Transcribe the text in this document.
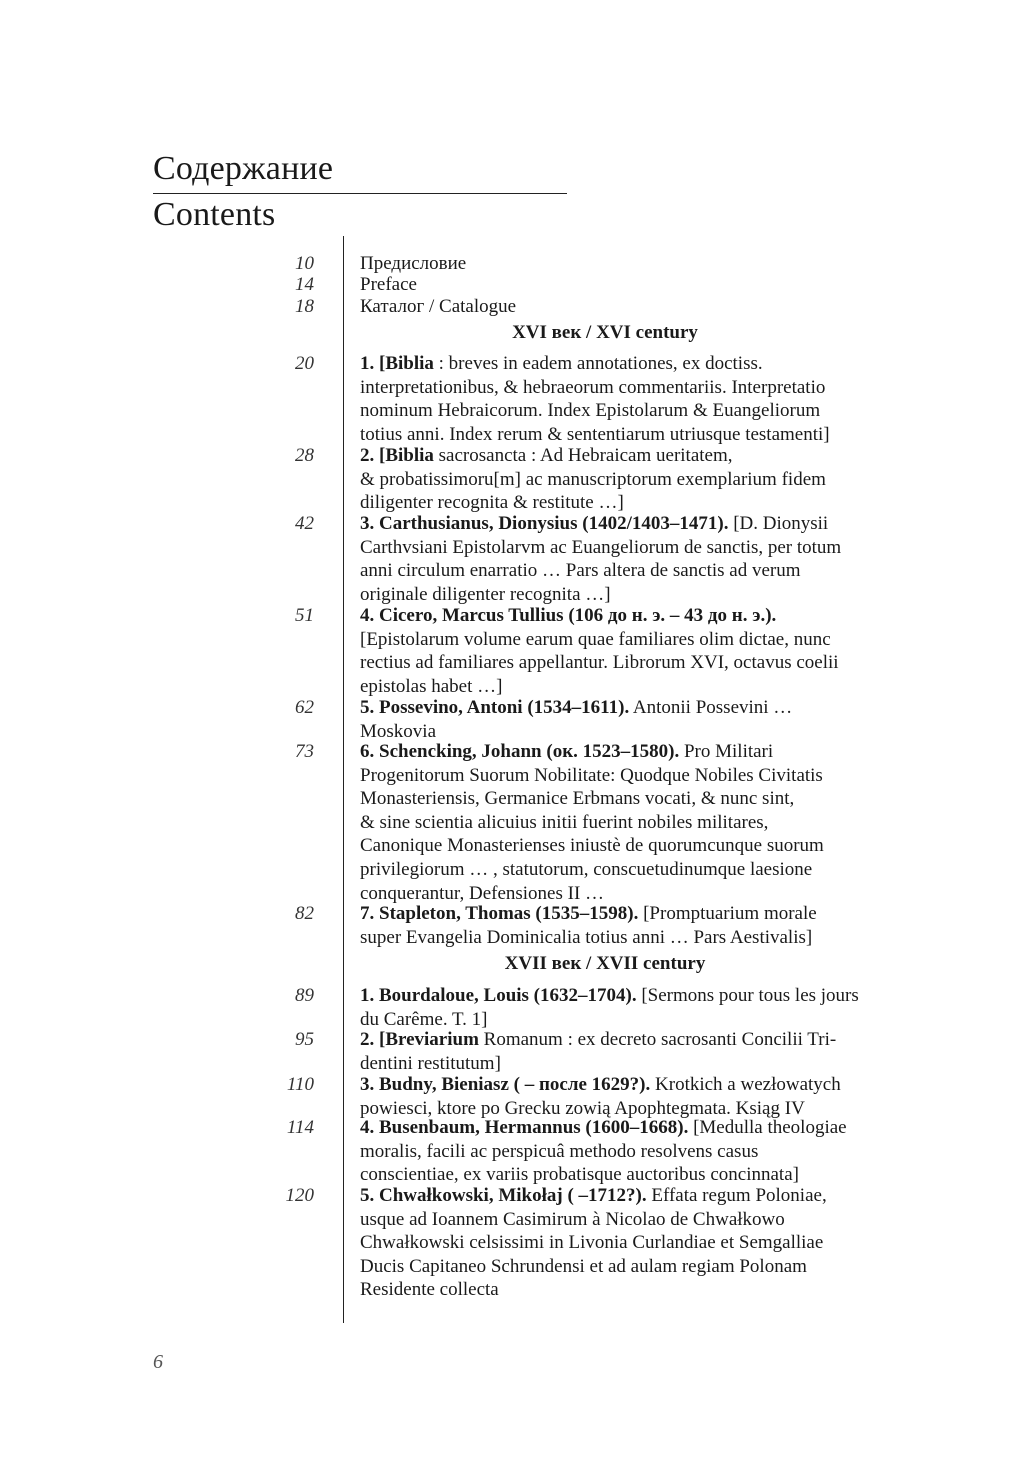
Содержание
Contents
10 Предисловие
14 Preface
18 Каталог / Catalogue
XVI век / XVI century
20 1. [Biblia : breves in eadem annotationes, ex doctiss.
interpretationibus, & hebraeorum commentariis. Interpretatio
nominum Hebraicorum. Index Epistolarum & Euangeliorum
totius anni. Index rerum & sententiarum utriusque testamenti]
28 2. [Biblia sacrosancta : Ad Hebraicam ueritatem,
& probatissimoru[m] ac manuscriptorum exemplarium fidem
diligenter recognita & restitute …]
42 3. Carthusianus, Dionysius (1402/1403–1471). [D. Dionysii
Carthvsiani Epistolarvm ac Euangeliorum de sanctis, per totum
anni circulum enarratio … Pars altera de sanctis ad verum
originale diligenter recognita …]
51 4. Cicero, Marcus Tullius (106 до н. э. – 43 до н. э.).
[Epistolarum volume earum quae familiares olim dictae, nunc
rectius ad familiares appellantur. Librorum XVI, octavus coelii
epistolas habet …]
62 5. Possevino, Antoni (1534–1611). Antonii Possevini …
Moskovia
73 6. Schencking, Johann (ок. 1523–1580). Pro Militari
Progenitorum Suorum Nobilitate: Quodque Nobiles Civitatis
Monasteriensis, Germanice Erbmans vocati, & nunc sint,
& sine scientia alicuius initii fuerint nobiles militares,
Canonique Monasterienses iniustè de quorumcunque suorum
privilegiorum … , statutorum, conscuetudinumque laesione
conquerantur, Defensiones II …
82 7. Stapleton, Thomas (1535–1598). [Promptuarium morale
super Evangelia Dominicalia totius anni … Pars Aestivalis]
XVII век / XVII century
89 1. Bourdaloue, Louis (1632–1704). [Sermons pour tous les jours
du Carême. T. 1]
95 2. [Breviarium Romanum : ex decreto sacrosanti Concilii Tri-
dentini restitutum]
110 3. Budny, Bieniasz ( – после 1629?). Krotkich a wezłowatych
powiesci, ktore po Grecku zowią Apophtegmata. Ksiąg IV
114 4. Busenbaum, Hermannus (1600–1668). [Medulla theologiae
moralis, facili ac perspicuâ methodo resolvens casus
conscientiae, ex variis probatisque auctoribus concinnata]
120 5. Chwałkowski, Mikołaj ( –1712?). Effata regum Poloniae,
usque ad Ioannem Casimirum à Nicolao de Chwałkowo
Chwałkowski celsissimi in Livonia Curlandiae et Semgalliae
Ducis Capitaneo Schrundensi et ad aulam regiam Polonam
Residente collecta
6
